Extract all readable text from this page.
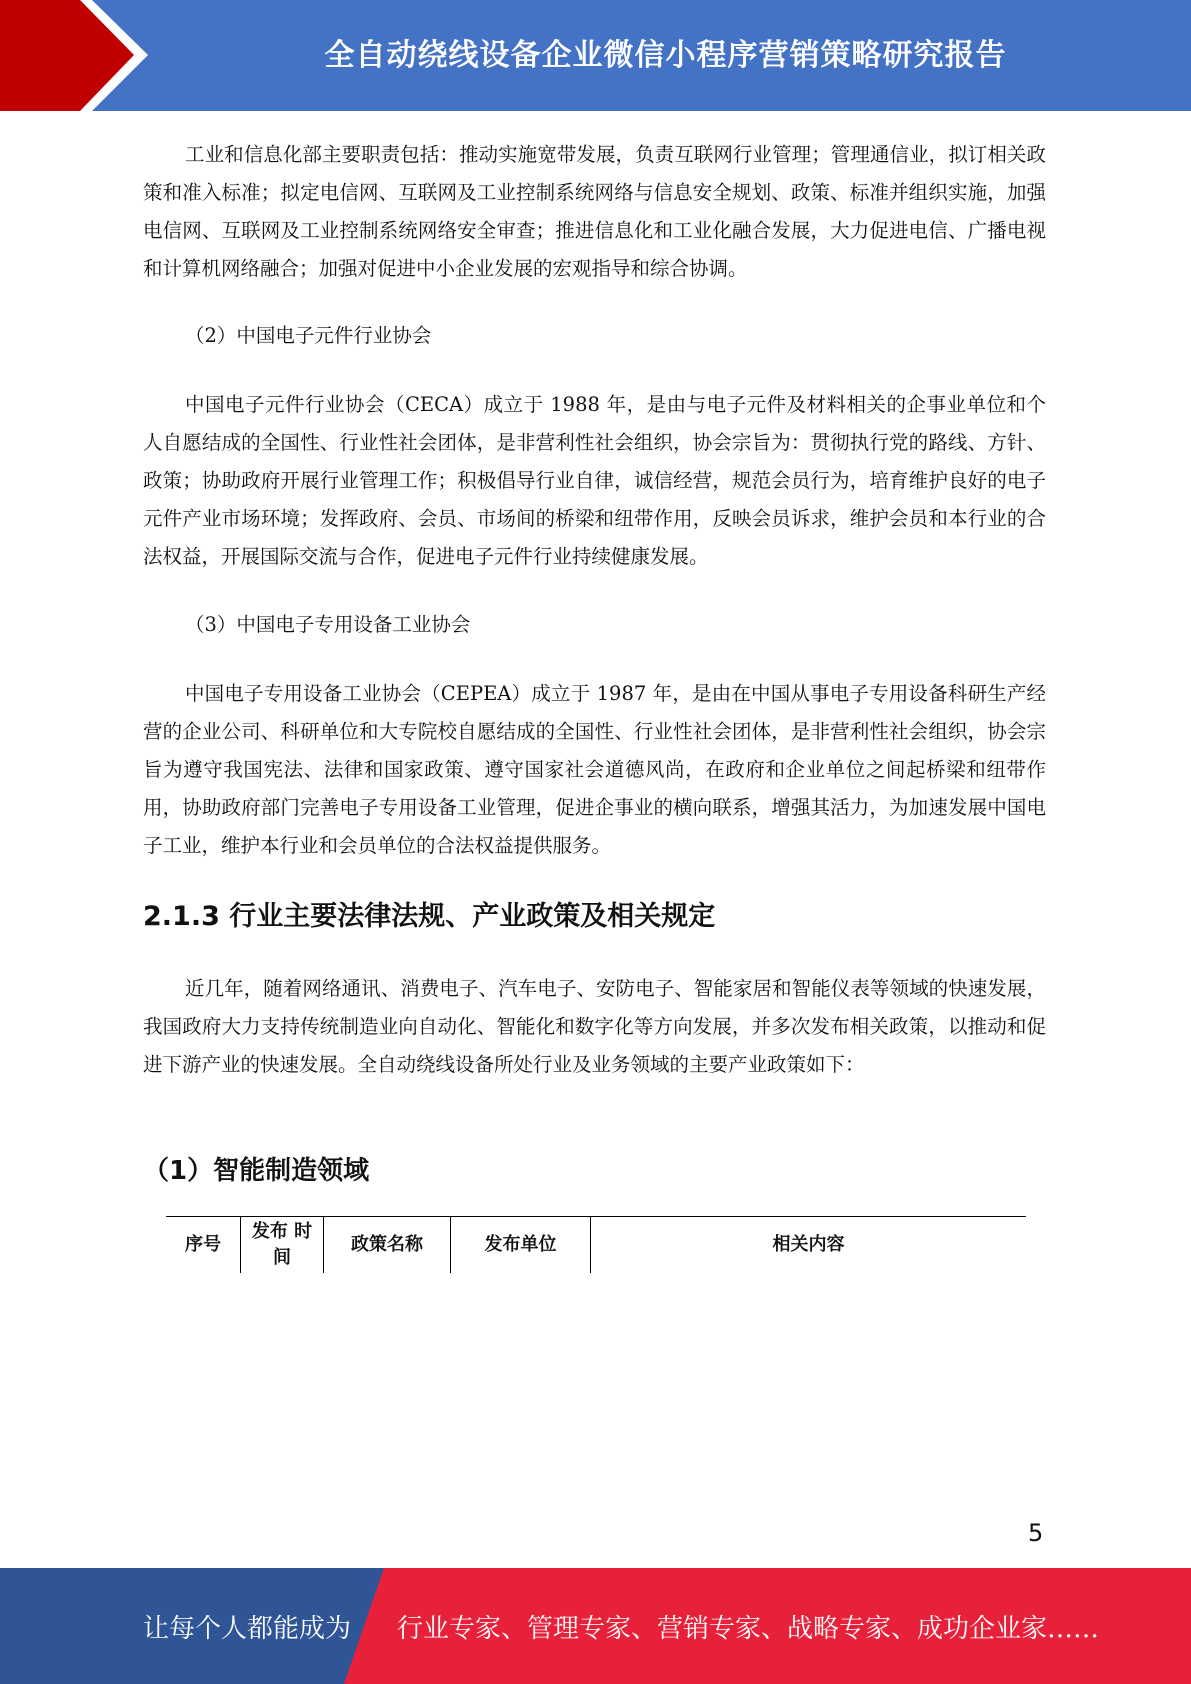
全自动绕线设备企业微信小程序营销策略研究报告

工业和信息化部主要职责包括：推动实施宽带发展，负责互联网行业管理；管理通信业，拟订相关政策和准入标准；拟定电信网、互联网及工业控制系统网络与信息安全规划、政策、标准并组织实施，加强电信网、互联网及工业控制系统网络安全审查；推进信息化和工业化融合发展，大力促进电信、广播电视和计算机网络融合；加强对促进中小企业发展的宏观指导和综合协调。

（2）中国电子元件行业协会

中国电子元件行业协会（CECA）成立于 1988 年，是由与电子元件及材料相关的企事业单位和个人自愿结成的全国性、行业性社会团体，是非营利性社会组织，协会宗旨为：贯彻执行党的路线、方针、政策；协助政府开展行业管理工作；积极倡导行业自律，诚信经营，规范会员行为，培育维护良好的电子元件产业市场环境；发挥政府、会员、市场间的桥梁和纽带作用，反映会员诉求，维护会员和本行业的合法权益，开展国际交流与合作，促进电子元件行业持续健康发展。

（3）中国电子专用设备工业协会

中国电子专用设备工业协会（CEPEA）成立于 1987 年，是由在中国从事电子专用设备科研生产经营的企业公司、科研单位和大专院校自愿结成的全国性、行业性社会团体，是非营利性社会组织，协会宗旨为遵守我国宪法、法律和国家政策、遵守国家社会道德风尚，在政府和企业单位之间起桥梁和纽带作用，协助政府部门完善电子专用设备工业管理，促进企事业的横向联系，增强其活力，为加速发展中国电子工业，维护本行业和会员单位的合法权益提供服务。

2.1.3 行业主要法律法规、产业政策及相关规定

近几年，随着网络通讯、消费电子、汽车电子、安防电子、智能家居和智能仪表等领域的快速发展，我国政府大力支持传统制造业向自动化、智能化和数字化等方向发展，并多次发布相关政策，以推动和促进下游产业的快速发展。全自动绕线设备所处行业及业务领域的主要产业政策如下：

（1）智能制造领域
序号	发布 时间	政策名称	发布单位	相关内容
5
让每个人都能成为 行业专家、管理专家、营销专家、战略专家、成功企业家……
